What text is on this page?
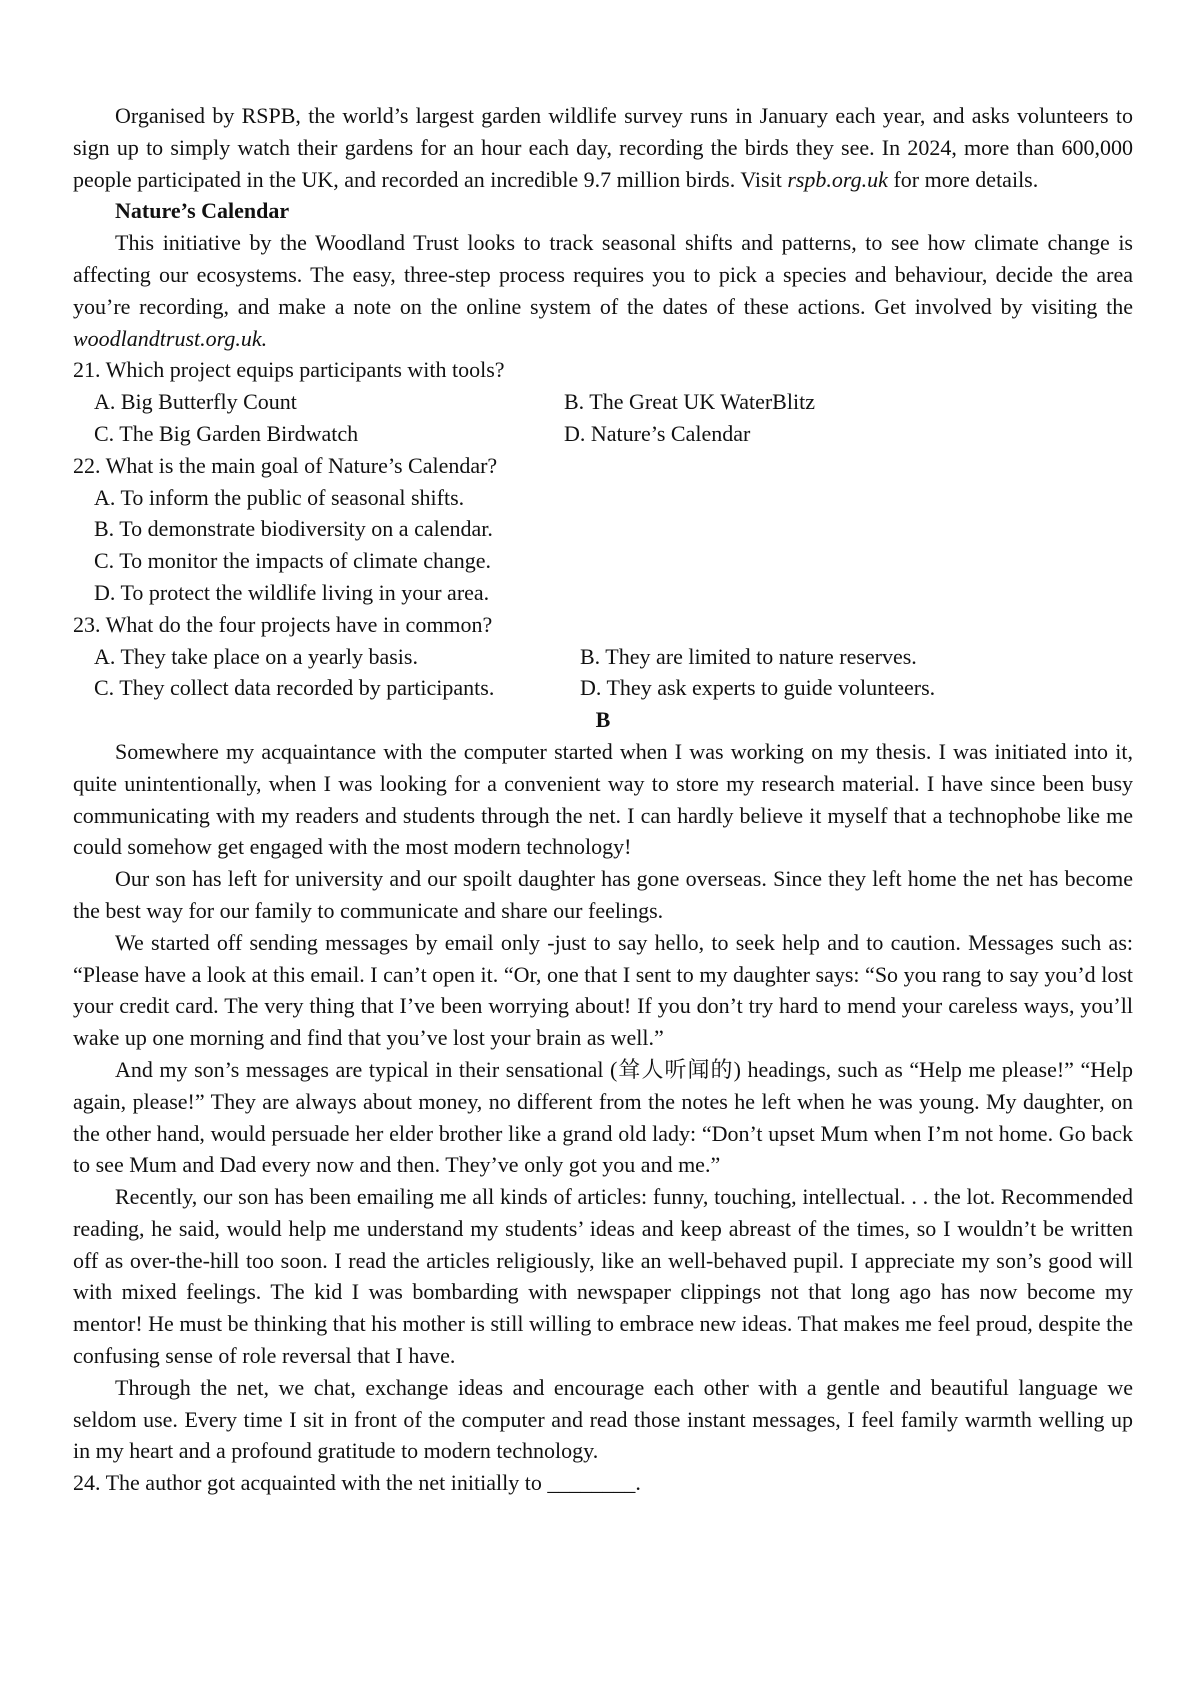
Organised by RSPB, the world’s largest garden wildlife survey runs in January each year, and asks volunteers to sign up to simply watch their gardens for an hour each day, recording the birds they see. In 2024, more than 600,000 people participated in the UK, and recorded an incredible 9.7 million birds. Visit rspb.org.uk for more details.

Nature’s Calendar

This initiative by the Woodland Trust looks to track seasonal shifts and patterns, to see how climate change is affecting our ecosystems. The easy, three-step process requires you to pick a species and behaviour, decide the area you’re recording, and make a note on the online system of the dates of these actions. Get involved by visiting the woodlandtrust.org.uk.

21. Which project equips participants with tools?

A. Big Butterfly Count	B. The Great UK WaterBlitz
C. The Big Garden Birdwatch	D. Nature’s Calendar

22. What is the main goal of Nature’s Calendar?

A. To inform the public of seasonal shifts.

B. To demonstrate biodiversity on a calendar.

C. To monitor the impacts of climate change.

D. To protect the wildlife living in your area.

23. What do the four projects have in common?

A. They take place on a yearly basis.	B. They are limited to nature reserves.
C. They collect data recorded by participants.	D. They ask experts to guide volunteers.

B

Somewhere my acquaintance with the computer started when I was working on my thesis. I was initiated into it, quite unintentionally, when I was looking for a convenient way to store my research material. I have since been busy communicating with my readers and students through the net. I can hardly believe it myself that a technophobe like me could somehow get engaged with the most modern technology!

Our son has left for university and our spoilt daughter has gone overseas. Since they left home the net has become the best way for our family to communicate and share our feelings.

We started off sending messages by email only -just to say hello, to seek help and to caution. Messages such as: “Please have a look at this email. I can’t open it. “Or, one that I sent to my daughter says: “So you rang to say you’d lost your credit card. The very thing that I’ve been worrying about! If you don’t try hard to mend your careless ways, you’ll wake up one morning and find that you’ve lost your brain as well.”

And my son’s messages are typical in their sensational (耸人听闻的) headings, such as “Help me please!” “Help again, please!” They are always about money, no different from the notes he left when he was young. My daughter, on the other hand, would persuade her elder brother like a grand old lady: “Don’t upset Mum when I’m not home. Go back to see Mum and Dad every now and then. They’ve only got you and me.”

Recently, our son has been emailing me all kinds of articles: funny, touching, intellectual. . . the lot. Recommended reading, he said, would help me understand my students’ ideas and keep abreast of the times, so I wouldn’t be written off as over-the-hill too soon. I read the articles religiously, like an well-behaved pupil. I appreciate my son’s good will with mixed feelings. The kid I was bombarding with newspaper clippings not that long ago has now become my mentor! He must be thinking that his mother is still willing to embrace new ideas. That makes me feel proud, despite the confusing sense of role reversal that I have.

Through the net, we chat, exchange ideas and encourage each other with a gentle and beautiful language we seldom use. Every time I sit in front of the computer and read those instant messages, I feel family warmth welling up in my heart and a profound gratitude to modern technology.

24. The author got acquainted with the net initially to ________.
